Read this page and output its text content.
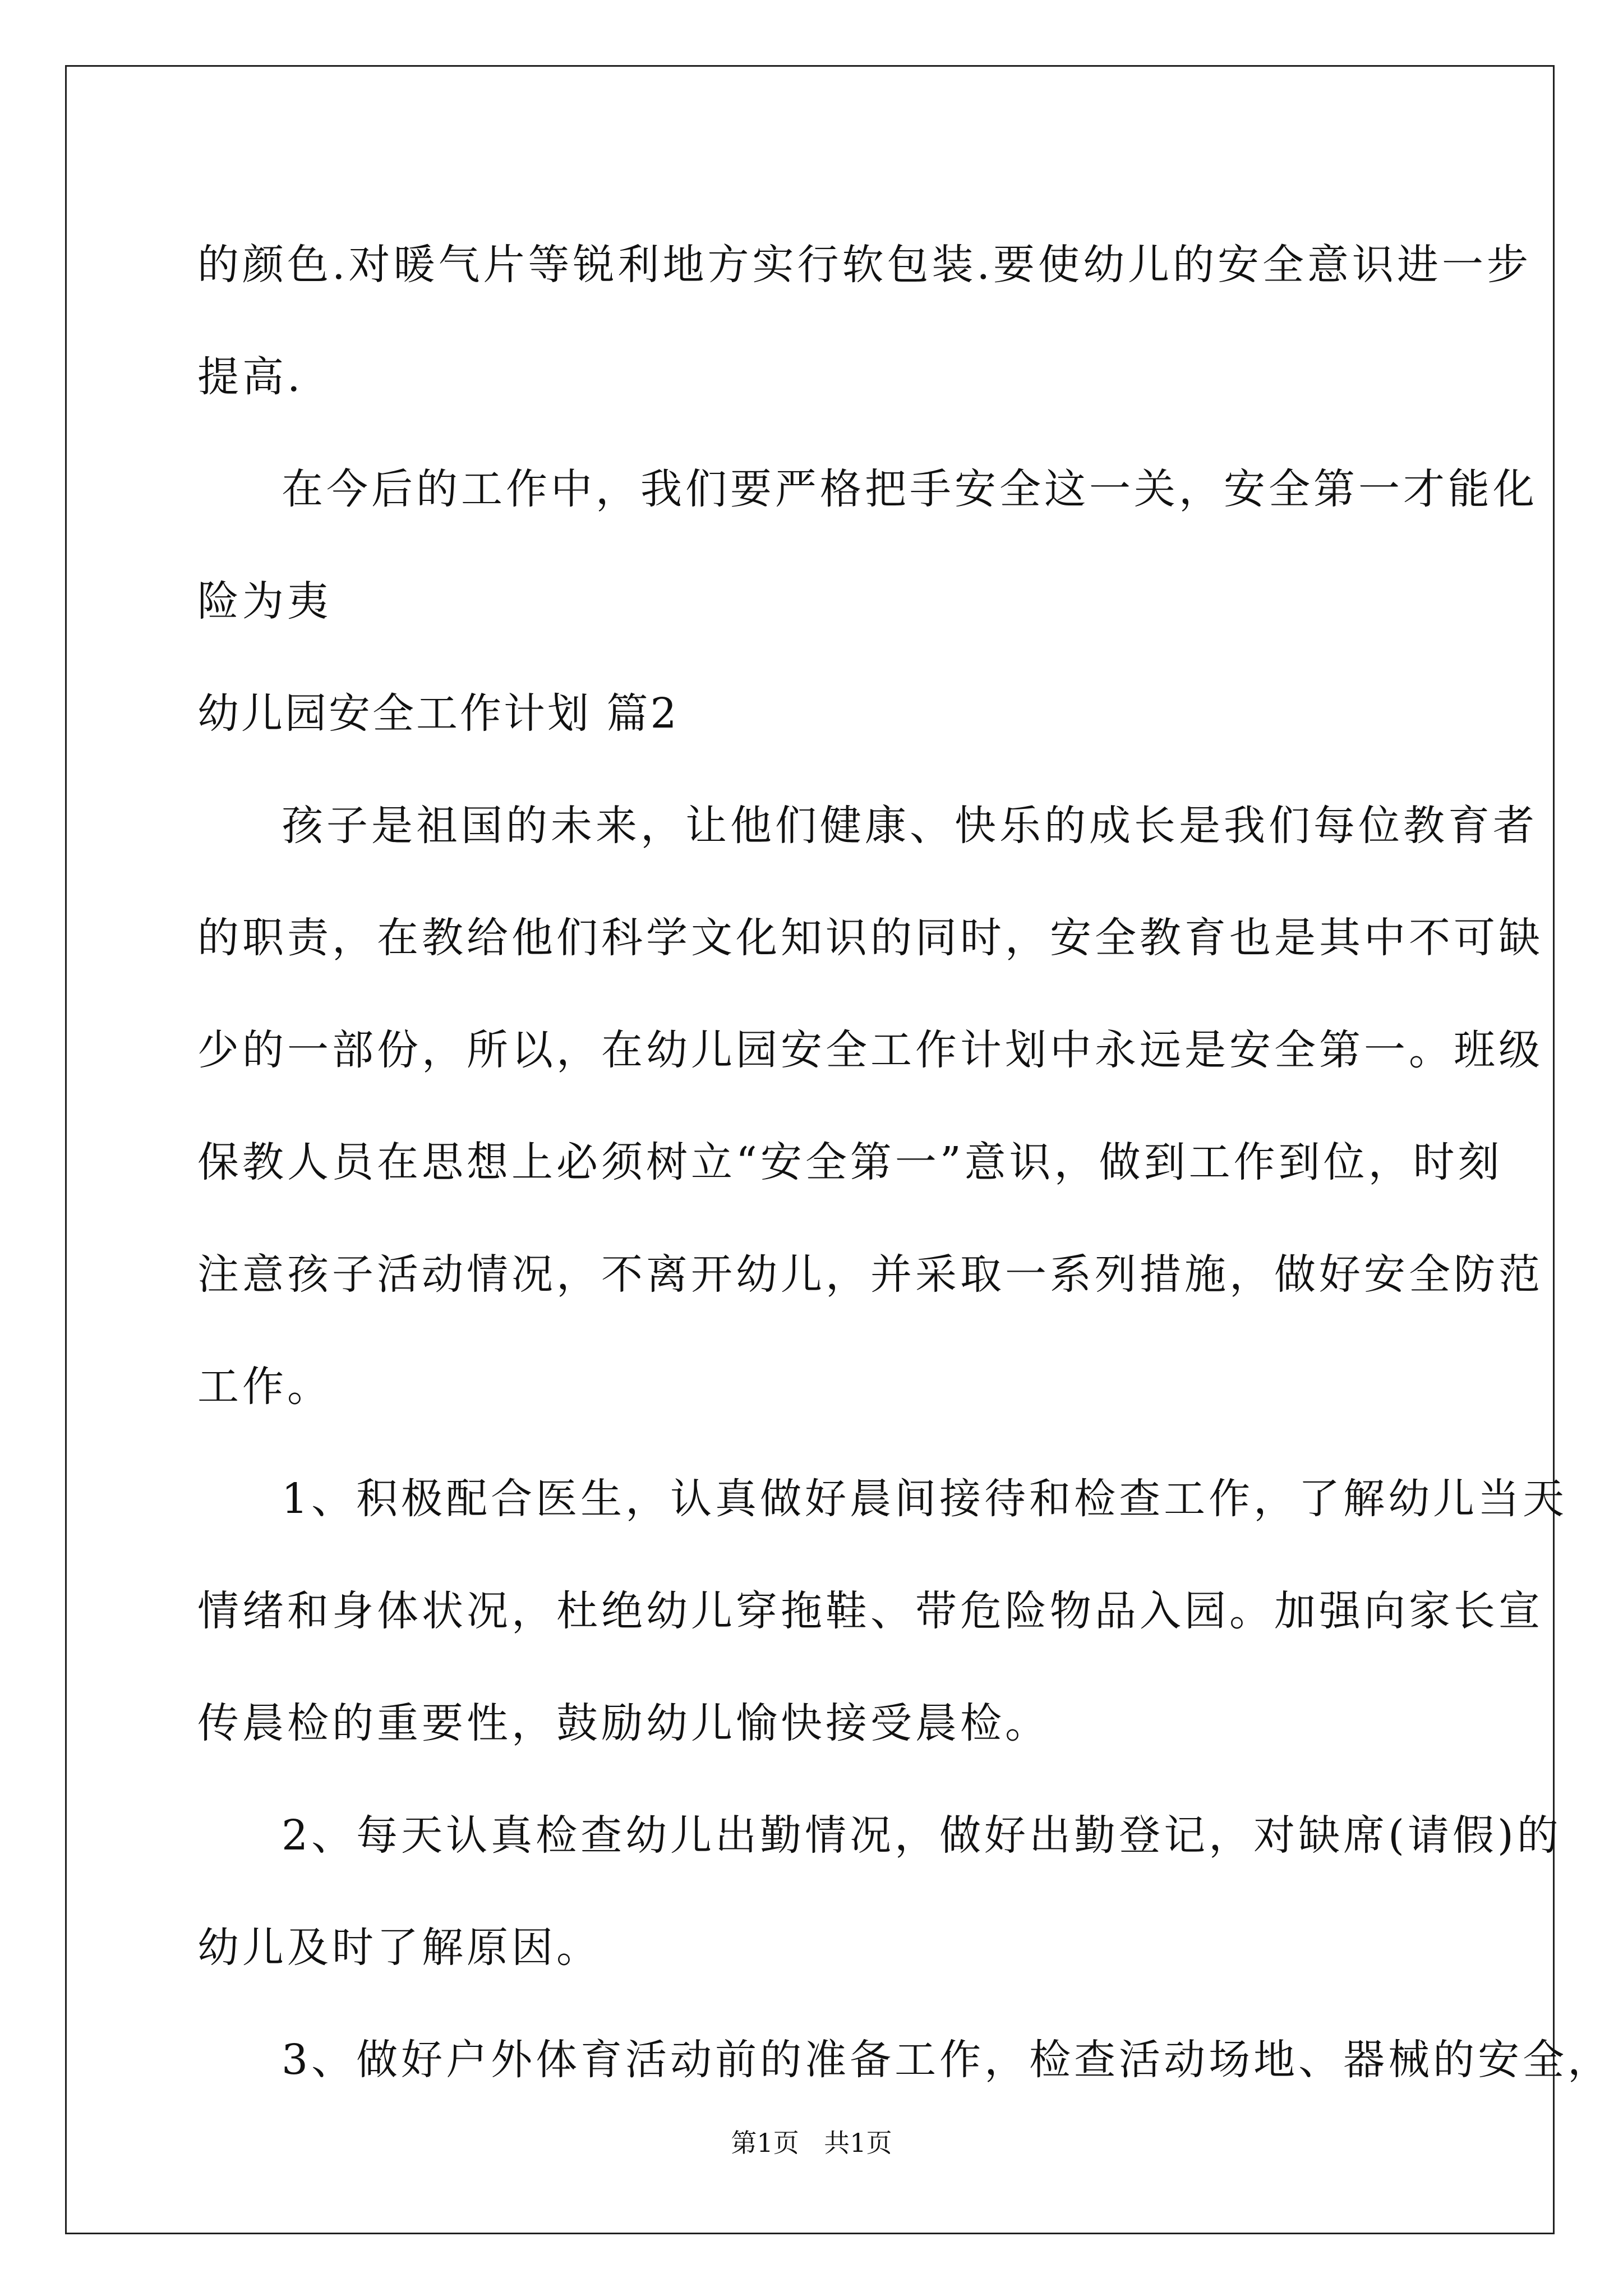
的颜色.对暖气片等锐利地方实行软包装.要使幼儿的安全意识进一步
提高.
在今后的工作中，我们要严格把手安全这一关，安全第一才能化
险为夷
幼儿园安全工作计划 篇2
孩子是祖国的未来，让他们健康、快乐的成长是我们每位教育者
的职责，在教给他们科学文化知识的同时，安全教育也是其中不可缺
少的一部份，所以，在幼儿园安全工作计划中永远是安全第一。班级
保教人员在思想上必须树立“安全第一”意识，做到工作到位，时刻
注意孩子活动情况，不离开幼儿，并采取一系列措施，做好安全防范
工作。
1、积极配合医生，认真做好晨间接待和检查工作，了解幼儿当天
情绪和身体状况，杜绝幼儿穿拖鞋、带危险物品入园。加强向家长宣
传晨检的重要性，鼓励幼儿愉快接受晨检。
2、每天认真检查幼儿出勤情况，做好出勤登记，对缺席(请假)的
幼儿及时了解原因。
3、做好户外体育活动前的准备工作，检查活动场地、器械的安全，
第1页 共1页
